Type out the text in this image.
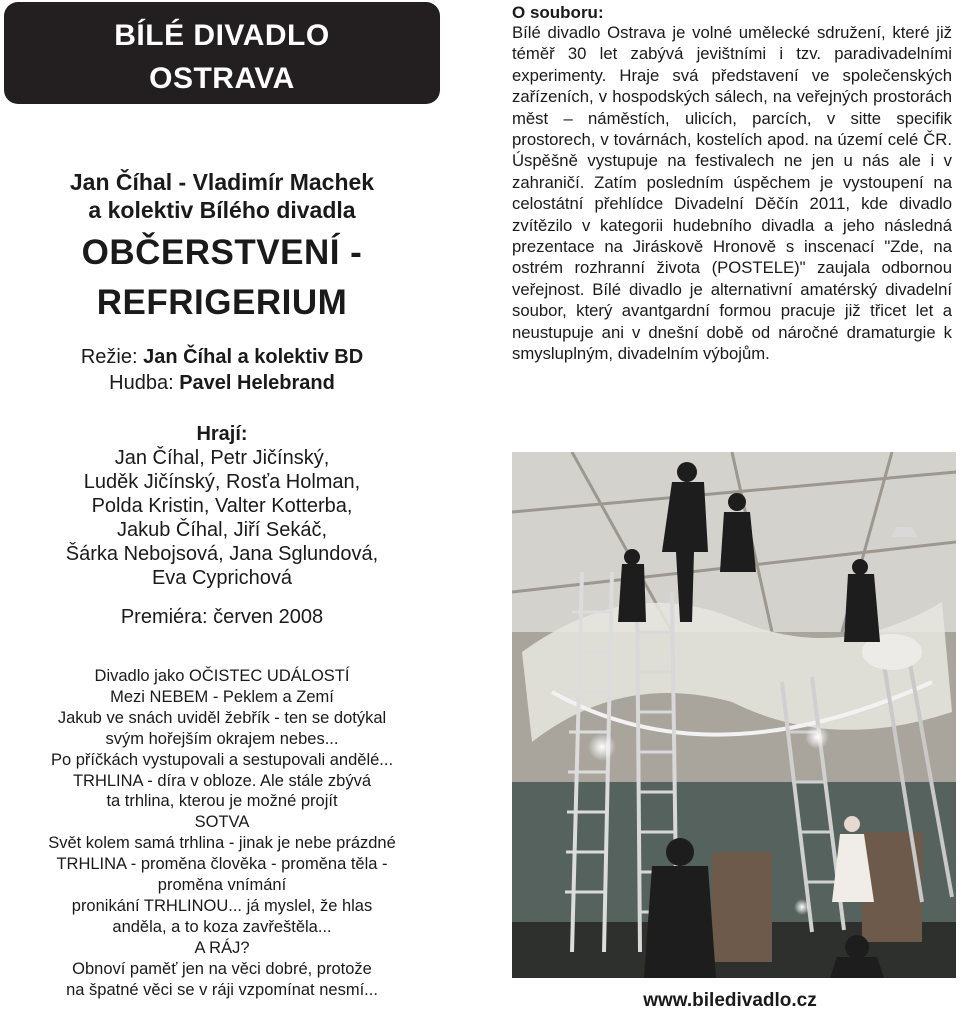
BÍLÉ DIVADLO
OSTRAVA
Jan Číhal - Vladimír Machek
a kolektiv Bílého divadla
OBČERSTVENÍ -
REFRIGERIUM
Režie: Jan Číhal a kolektiv BD
Hudba: Pavel Helebrand
Hrají:
Jan Číhal, Petr Jičínský,
Luděk Jičínský, Rosťa Holman,
Polda Kristin, Valter Kotterba,
Jakub Číhal, Jiří Sekáč,
Šárka Nebojsová, Jana Sglundová,
Eva Cyprichová
Premiéra: červen 2008
Divadlo jako OČISTEC UDÁLOSTÍ
Mezi NEBEM - Peklem a Zemí
Jakub ve snách uviděl žebřík - ten se dotýkal
svým hořejším okrajem nebes...
Po příčkách vystupovali a sestupovali andělé...
TRHLINA - díra v obloze. Ale stále zbývá
ta trhlina, kterou je možné projít
SOTVA
Svět kolem samá trhlina - jinak je nebe prázdné
TRHLINA - proměna člověka - proměna těla -
proměna vnímání
pronikání TRHLINOU... já myslel, že hlas
anděla, a to koza zavřeštěla...
A RÁJ?
Obnoví paměť jen na věci dobré, protože
na špatné věci se v ráji vzpomínat nesmí...
O souboru:
Bílé divadlo Ostrava je volné umělecké sdružení, které již téměř 30 let zabývá jevištními i tzv. paradivadelními experimenty. Hraje svá představení ve společenských zařízeních, v hospodských sálech, na veřejných prostorách měst – náměstích, ulicích, parcích, v sitte specifik prostorech, v továrnách, kostelích apod. na území celé ČR. Úspěšně vystupuje na festivalech ne jen u nás ale i v zahraničí. Zatím posledním úspěchem je vystoupení na celostátní přehlídce Divadelní Děčín 2011, kde divadlo zvítězilo v kategorii hudebního divadla a jeho následná prezentace na Jiráskově Hronově s inscenací "Zde, na ostrém rozhranní života (POSTELE)" zaujala odbornou veřejnost. Bílé divadlo je alternativní amatérský divadelní soubor, který avantgardní formou pracuje již třicet let a neustupuje ani v dnešní době od náročné dramaturgie k smysluplným, divadelním výbojům.
www.biledivadlo.cz
